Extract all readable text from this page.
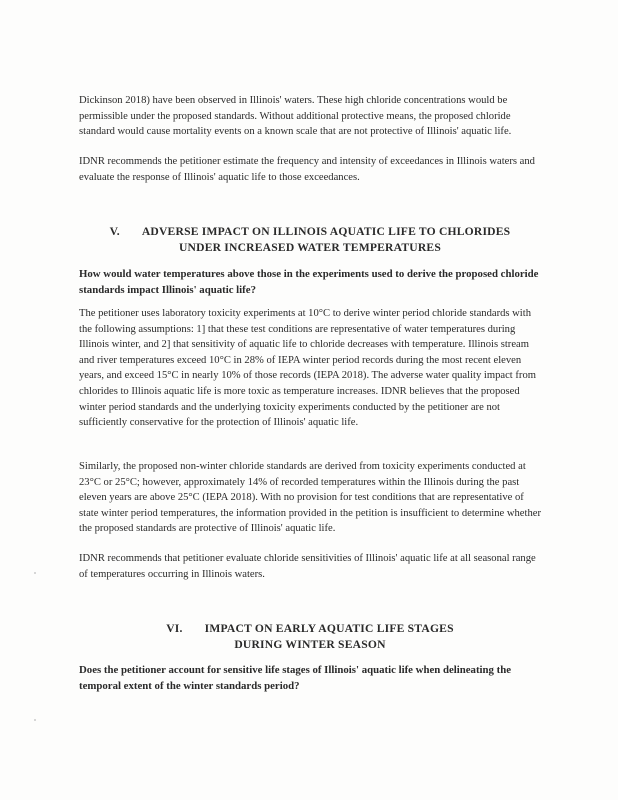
Dickinson 2018) have been observed in Illinois' waters. These high chloride concentrations would be permissible under the proposed standards. Without additional protective means, the proposed chloride standard would cause mortality events on a known scale that are not protective of Illinois' aquatic life.

IDNR recommends the petitioner estimate the frequency and intensity of exceedances in Illinois waters and evaluate the response of Illinois' aquatic life to those exceedances.

V. ADVERSE IMPACT ON ILLINOIS AQUATIC LIFE TO CHLORIDES
UNDER INCREASED WATER TEMPERATURES

How would water temperatures above those in the experiments used to derive the proposed chloride standards impact Illinois' aquatic life?

The petitioner uses laboratory toxicity experiments at 10°C to derive winter period chloride standards with the following assumptions: 1] that these test conditions are representative of water temperatures during Illinois winter, and 2] that sensitivity of aquatic life to chloride decreases with temperature. Illinois stream and river temperatures exceed 10°C in 28% of IEPA winter period records during the most recent eleven years, and exceed 15°C in nearly 10% of those records (IEPA 2018). The adverse water quality impact from chlorides to Illinois aquatic life is more toxic as temperature increases. IDNR believes that the proposed winter period standards and the underlying toxicity experiments conducted by the petitioner are not sufficiently conservative for the protection of Illinois' aquatic life.

Similarly, the proposed non-winter chloride standards are derived from toxicity experiments conducted at 23°C or 25°C; however, approximately 14% of recorded temperatures within the Illinois during the past eleven years are above 25°C (IEPA 2018). With no provision for test conditions that are representative of state winter period temperatures, the information provided in the petition is insufficient to determine whether the proposed standards are protective of Illinois' aquatic life.

IDNR recommends that petitioner evaluate chloride sensitivities of Illinois' aquatic life at all seasonal range of temperatures occurring in Illinois waters.

VI. IMPACT ON EARLY AQUATIC LIFE STAGES
DURING WINTER SEASON

Does the petitioner account for sensitive life stages of Illinois' aquatic life when delineating the temporal extent of the winter standards period?
